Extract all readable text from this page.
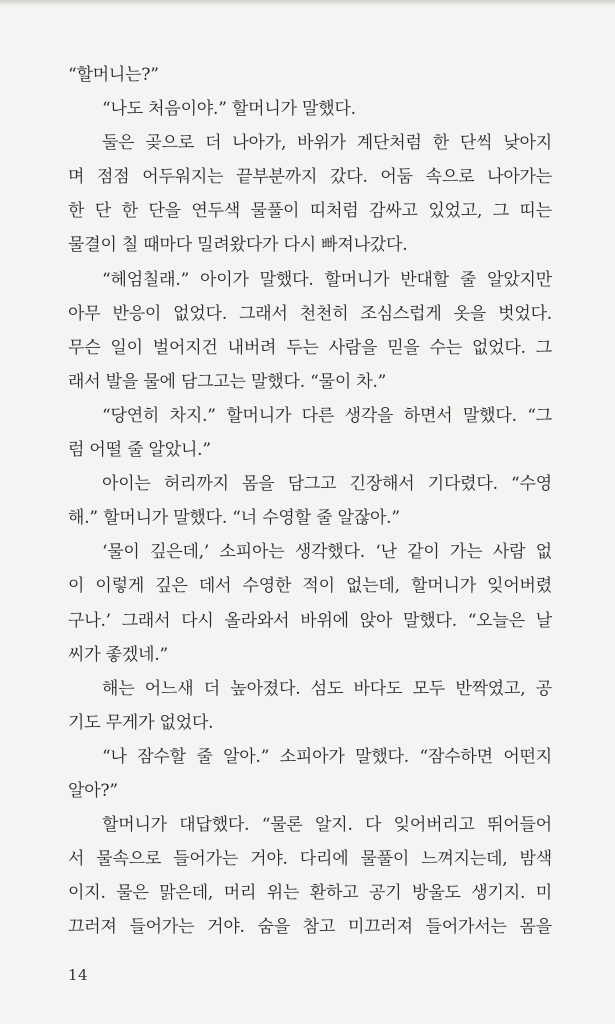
“할머니는?”
“나도 처음이야.” 할머니가 말했다.
둘은 곶으로 더 나아가, 바위가 계단처럼 한 단씩 낮아지
며 점점 어두워지는 끝부분까지 갔다. 어둠 속으로 나아가는
한 단 한 단을 연두색 물풀이 띠처럼 감싸고 있었고, 그 띠는
물결이 칠 때마다 밀려왔다가 다시 빠져나갔다.
“헤엄칠래.” 아이가 말했다. 할머니가 반대할 줄 알았지만
아무 반응이 없었다. 그래서 천천히 조심스럽게 옷을 벗었다.
무슨 일이 벌어지건 내버려 두는 사람을 믿을 수는 없었다. 그
래서 발을 물에 담그고는 말했다. “물이 차.”
“당연히 차지.” 할머니가 다른 생각을 하면서 말했다. “그
럼 어떨 줄 알았니.”
아이는 허리까지 몸을 담그고 긴장해서 기다렸다. “수영
해.” 할머니가 말했다. “너 수영할 줄 알잖아.”
‘물이 깊은데,’ 소피아는 생각했다. ‘난 같이 가는 사람 없
이 이렇게 깊은 데서 수영한 적이 없는데, 할머니가 잊어버렸
구나.’ 그래서 다시 올라와서 바위에 앉아 말했다. “오늘은 날
씨가 좋겠네.”
해는 어느새 더 높아졌다. 섬도 바다도 모두 반짝였고, 공
기도 무게가 없었다.
“나 잠수할 줄 알아.” 소피아가 말했다. “잠수하면 어떤지
알아?”
할머니가 대답했다. “물론 알지. 다 잊어버리고 뛰어들어
서 물속으로 들어가는 거야. 다리에 물풀이 느껴지는데, 밤색
이지. 물은 맑은데, 머리 위는 환하고 공기 방울도 생기지. 미
끄러져 들어가는 거야. 숨을 참고 미끄러져 들어가서는 몸을
14
